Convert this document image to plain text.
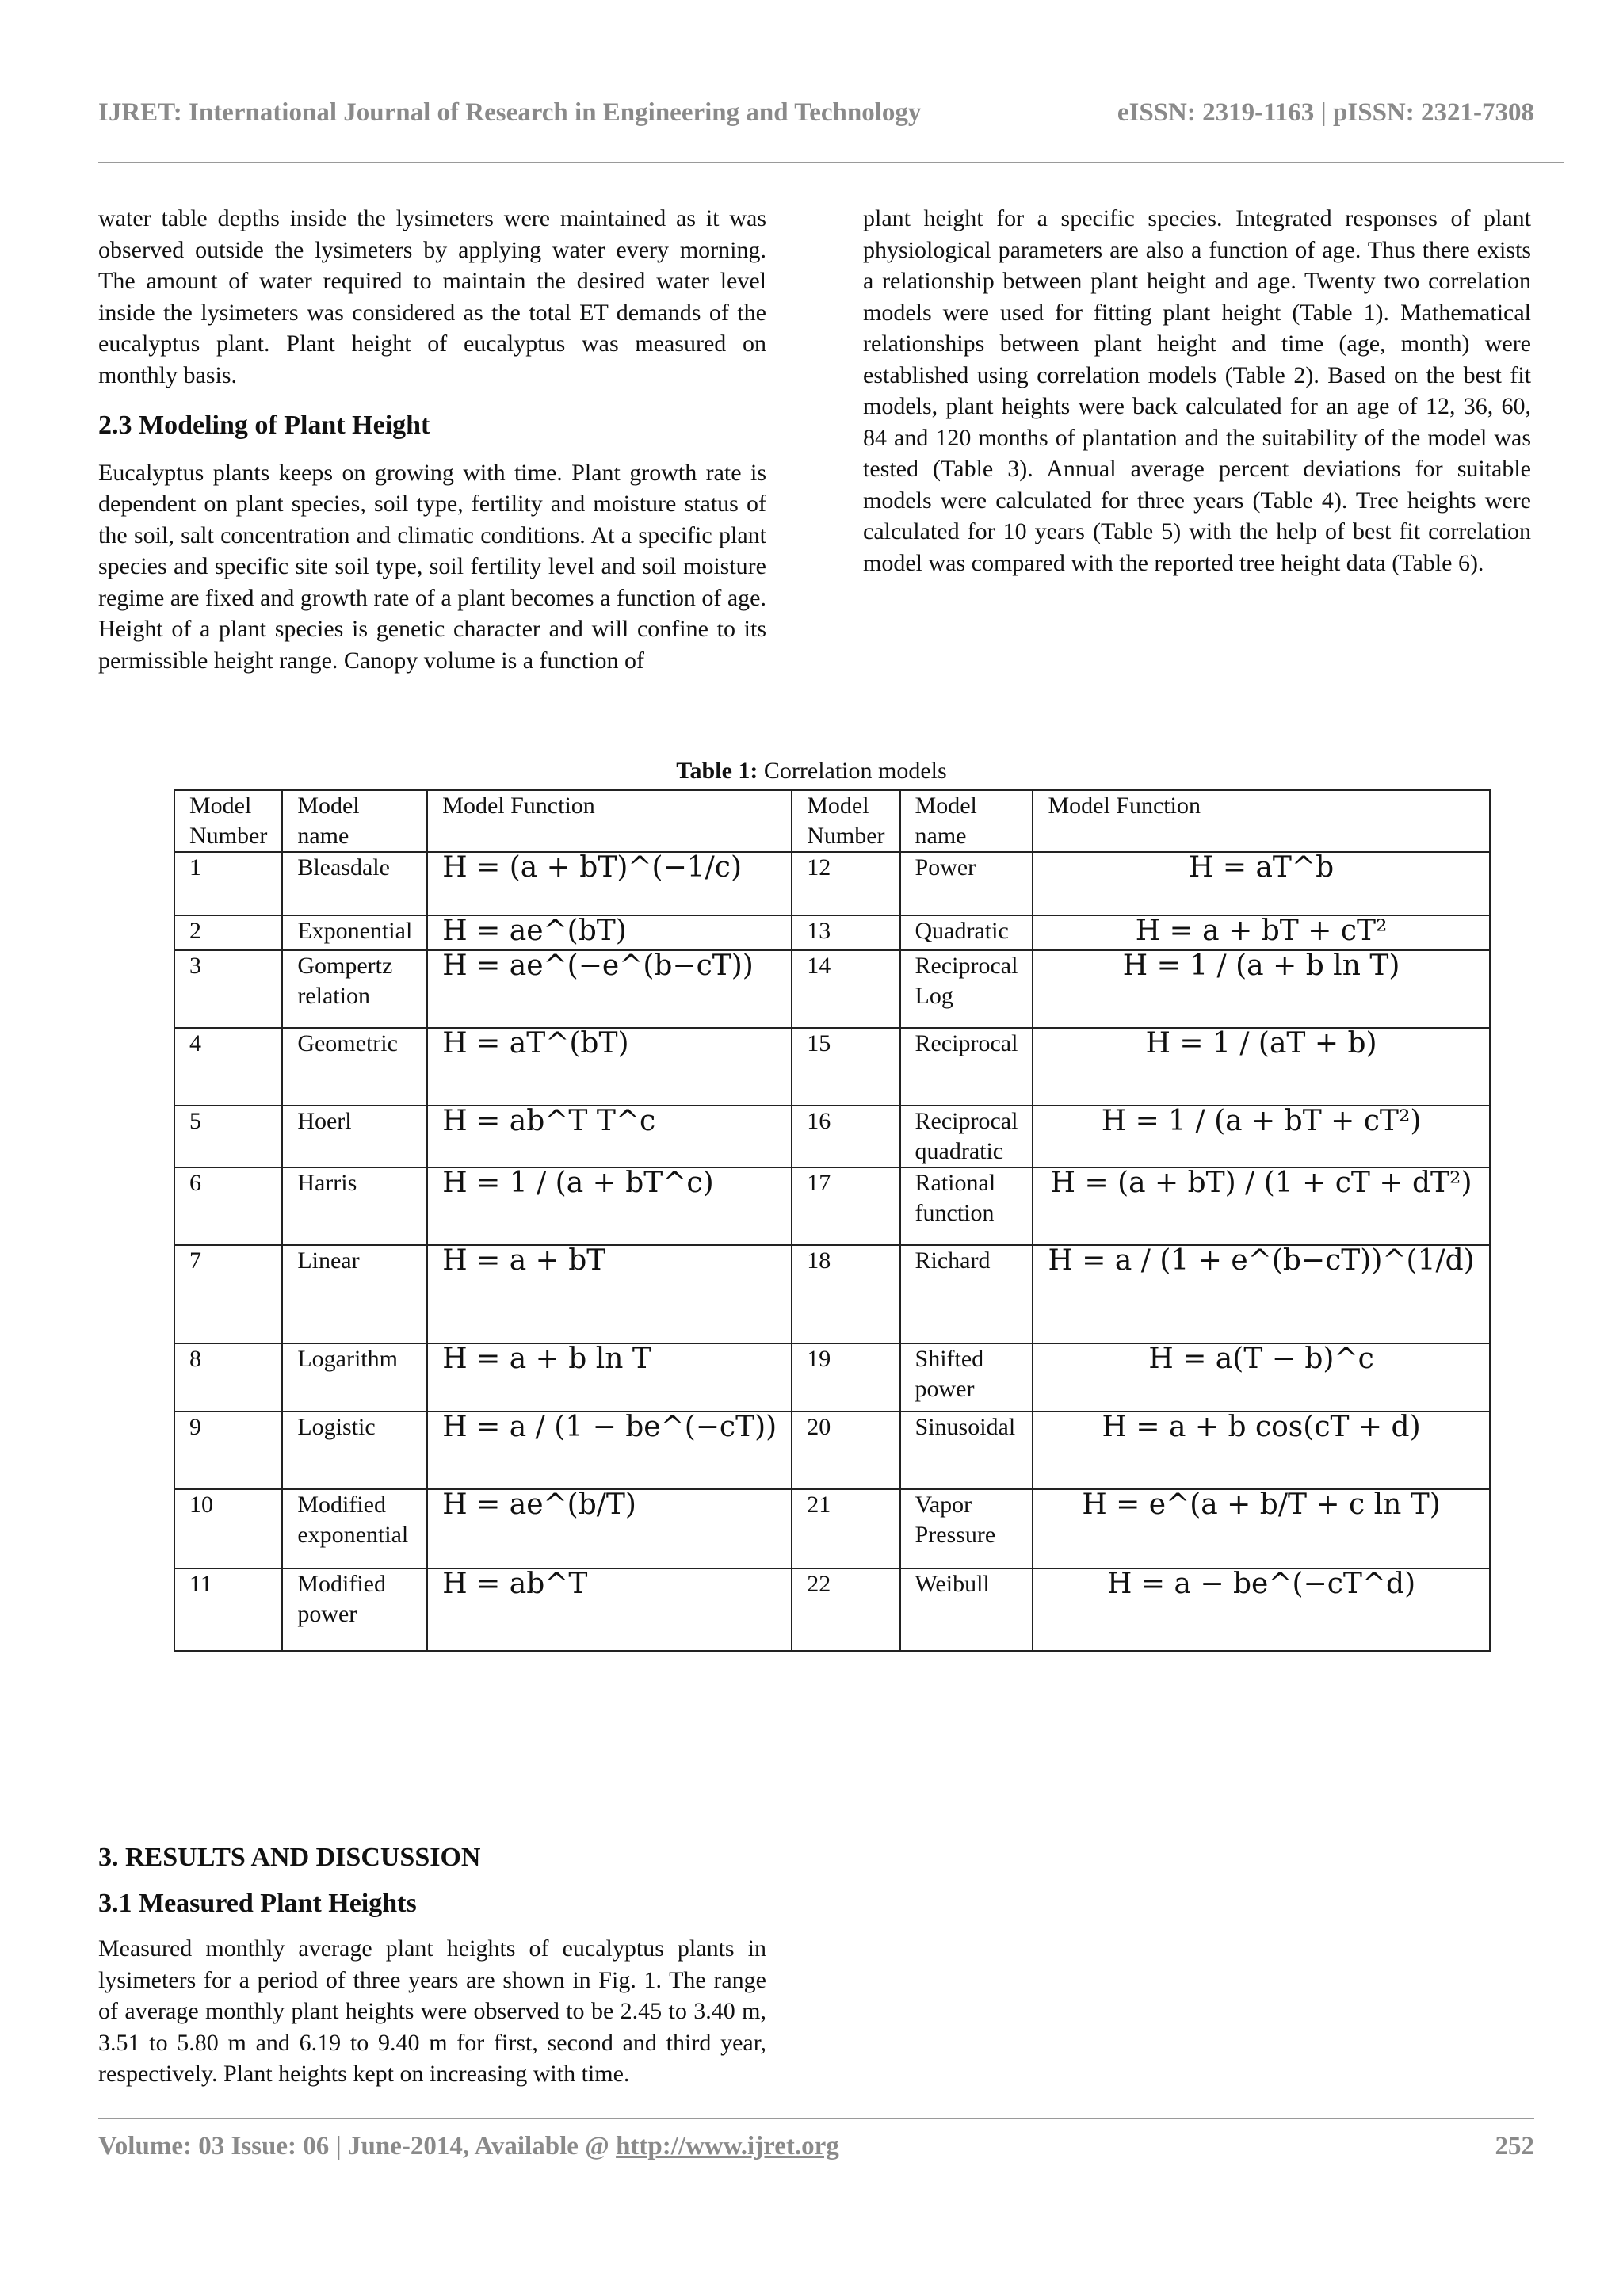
IJRET: International Journal of Research in Engineering and Technology	eISSN: 2319-1163 | pISSN: 2321-7308

water table depths inside the lysimeters were maintained as it was observed outside the lysimeters by applying water every morning. The amount of water required to maintain the desired water level inside the lysimeters was considered as the total ET demands of the eucalyptus plant. Plant height of eucalyptus was measured on monthly basis.

2.3 Modeling of Plant Height

Eucalyptus plants keeps on growing with time. Plant growth rate is dependent on plant species, soil type, fertility and moisture status of the soil, salt concentration and climatic conditions. At a specific plant species and specific site soil type, soil fertility level and soil moisture regime are fixed and growth rate of a plant becomes a function of age. Height of a plant species is genetic character and will confine to its permissible height range. Canopy volume is a function of

plant height for a specific species. Integrated responses of plant physiological parameters are also a function of age. Thus there exists a relationship between plant height and age. Twenty two correlation models were used for fitting plant height (Table 1). Mathematical relationships between plant height and time (age, month) were established using correlation models (Table 2). Based on the best fit models, plant heights were back calculated for an age of 12, 36, 60, 84 and 120 months of plantation and the suitability of the model was tested (Table 3). Annual average percent deviations for suitable models were calculated for three years (Table 4). Tree heights were calculated for 10 years (Table 5) with the help of best fit correlation model was compared with the reported tree height data (Table 6).

Table 1: Correlation models
Model Number	Model name	Model Function	Model Number	Model name	Model Function
1	Bleasdale	H = (a + bT)^(−1/c)	12	Power	H = aT^b
2	Exponential	H = ae^(bT)	13	Quadratic	H = a + bT + cT²
3	Gompertz relation	H = ae^(−e^(b−cT))	14	Reciprocal Log	H = 1 / (a + b ln T)
4	Geometric	H = aT^(bT)	15	Reciprocal	H = 1 / (aT + b)
5	Hoerl	H = ab^T T^c	16	Reciprocal quadratic	H = 1 / (a + bT + cT²)
6	Harris	H = 1 / (a + bT^c)	17	Rational function	H = (a + bT) / (1 + cT + dT²)
7	Linear	H = a + bT	18	Richard	H = a / (1 + e^(b−cT))^(1/d)
8	Logarithm	H = a + b ln T	19	Shifted power	H = a(T − b)^c
9	Logistic	H = a / (1 − be^(−cT))	20	Sinusoidal	H = a + b cos(cT + d)
10	Modified exponential	H = ae^(b/T)	21	Vapor Pressure	H = e^(a + b/T + c ln T)
11	Modified power	H = ab^T	22	Weibull	H = a − be^(−cT^d)
3. RESULTS AND DISCUSSION
3.1 Measured Plant Heights

Measured monthly average plant heights of eucalyptus plants in lysimeters for a period of three years are shown in Fig. 1. The range of average monthly plant heights were observed to be 2.45 to 3.40 m, 3.51 to 5.80 m and 6.19 to 9.40 m for first, second and third year, respectively. Plant heights kept on increasing with time.

Volume: 03 Issue: 06 | June-2014, Available @ http://www.ijret.org	252
